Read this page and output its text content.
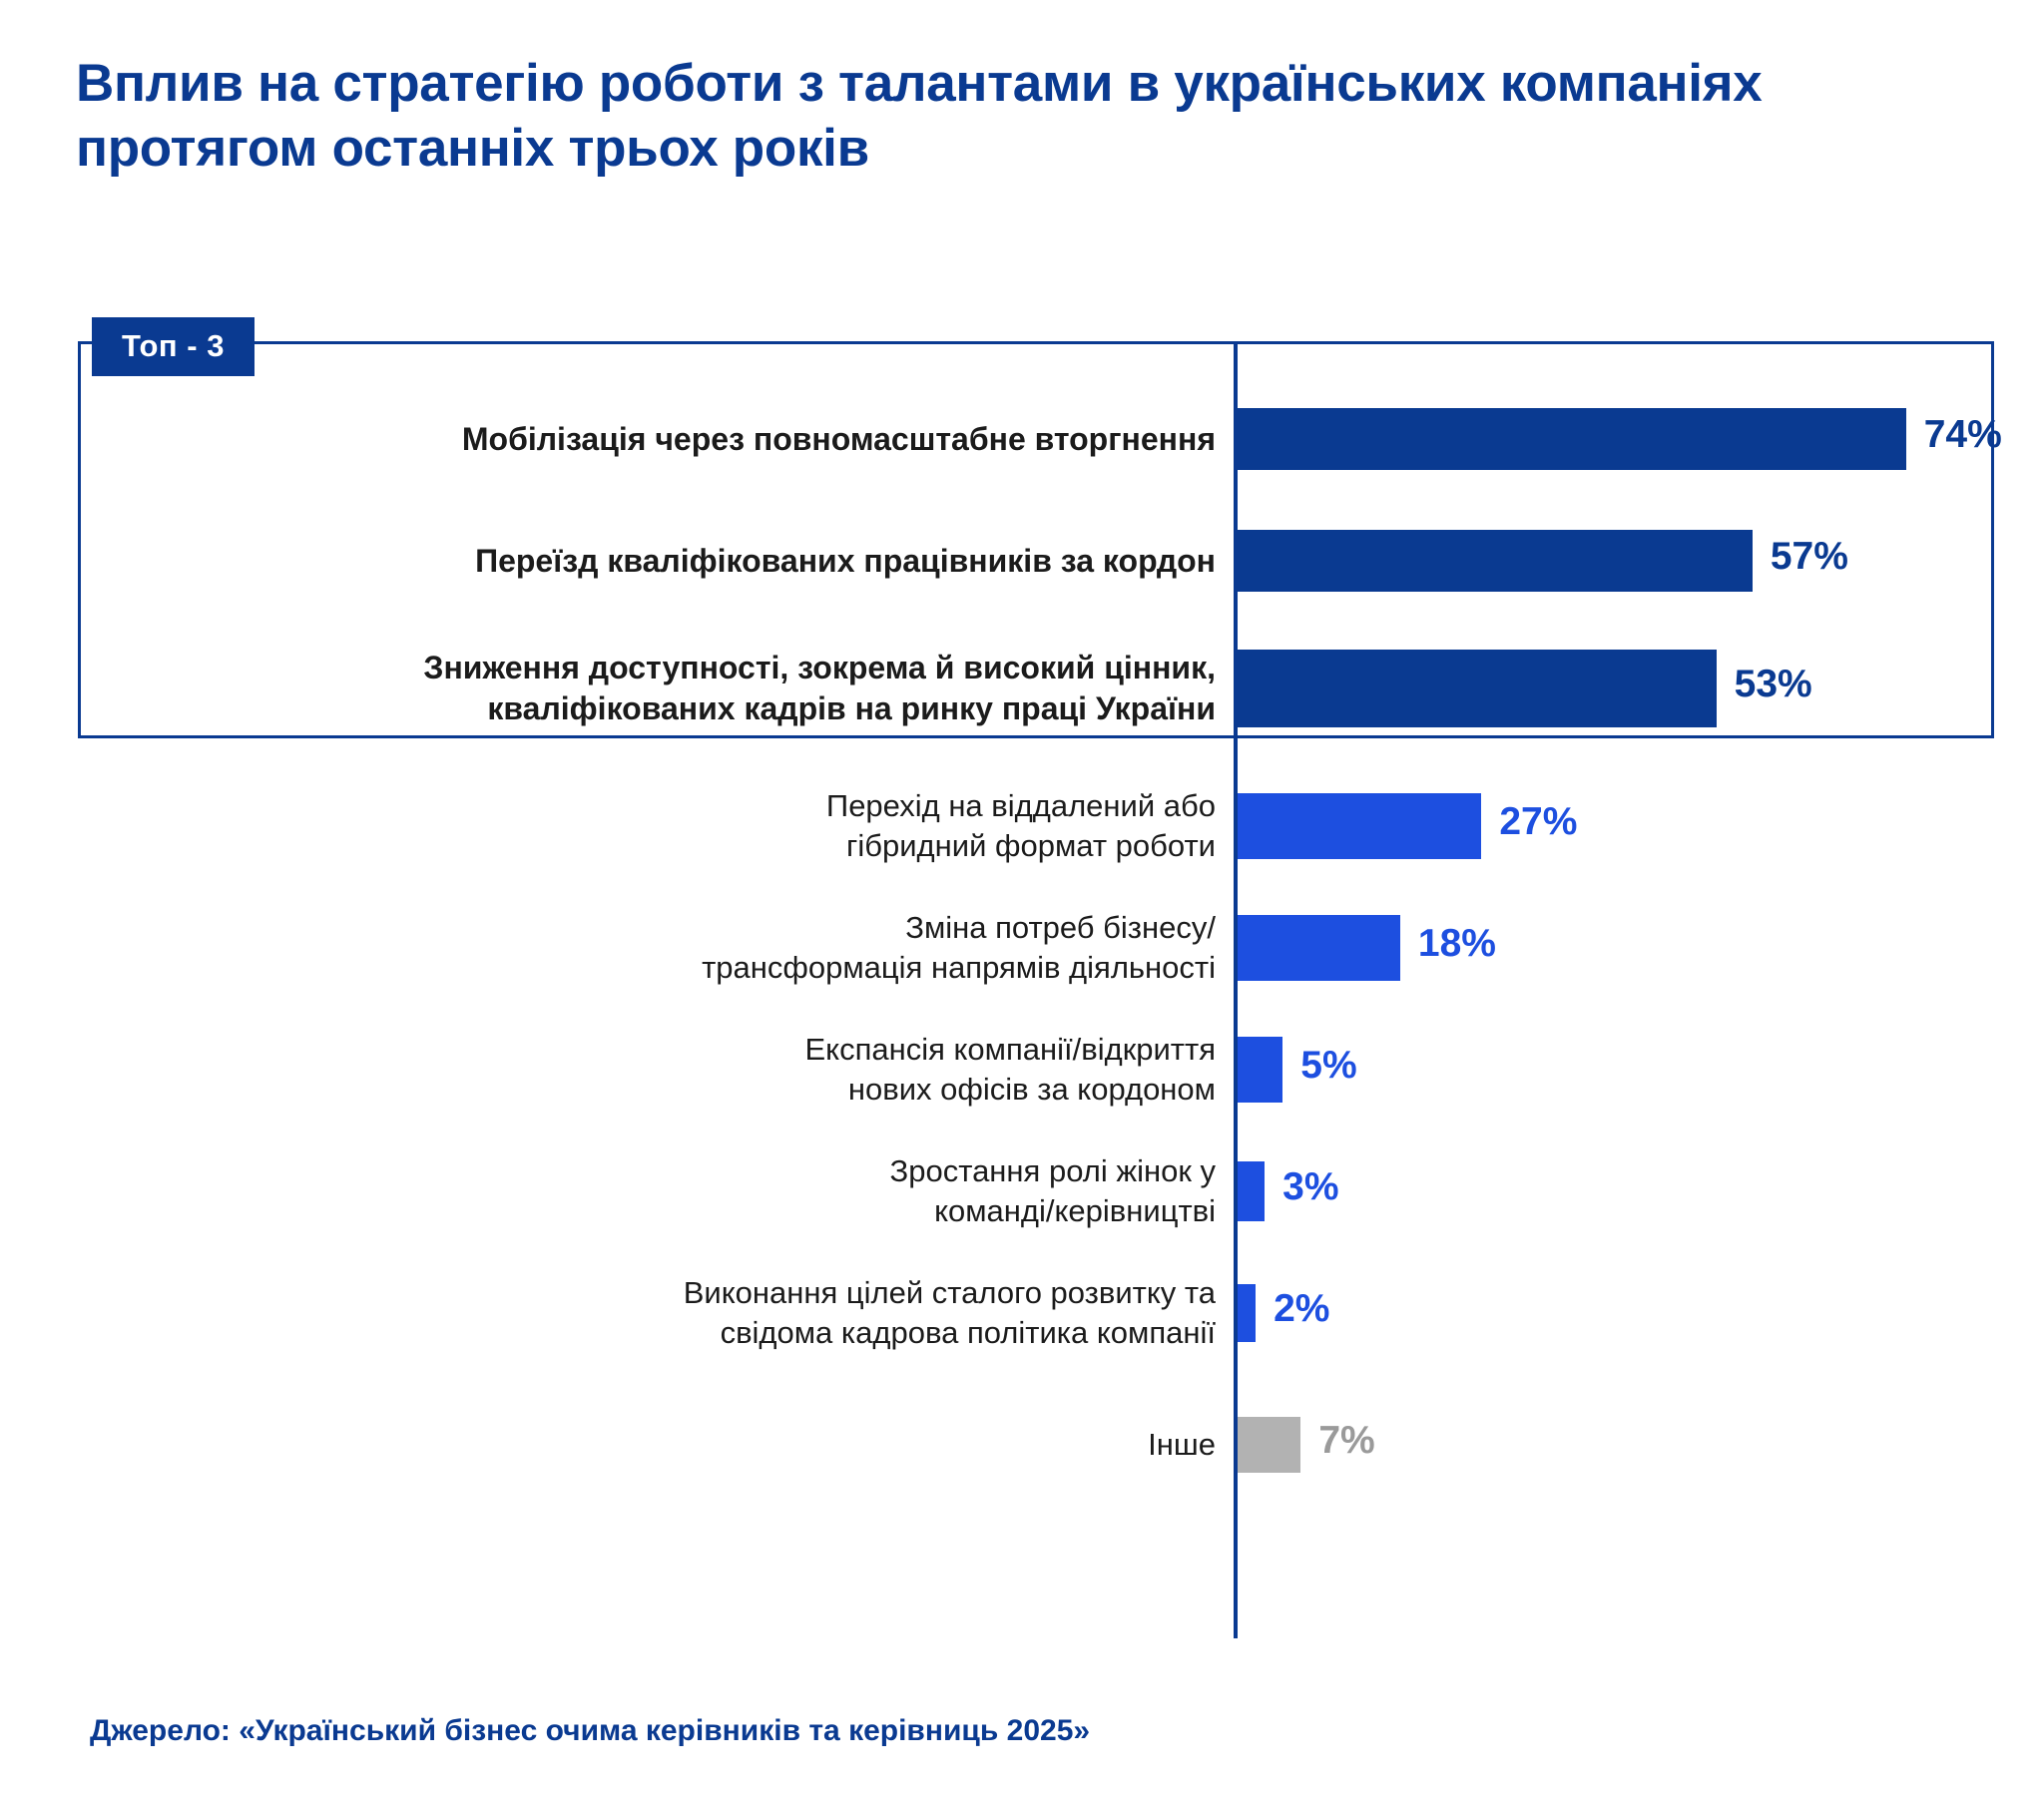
Вплив на стратегію роботи з талантами в українських компаніях протягом останніх трьох років
Топ - 3
Мобілізація через повномасштабне вторгнення	74%
Переїзд кваліфікованих працівників за кордон	57%
Зниження доступності, зокрема й високий цінник,
кваліфікованих кадрів на ринку праці України
53%
Перехід на віддалений або
гібридний формат роботи
27%
Зміна потреб бізнесу/
трансформація напрямів діяльності
18%
Експансія компанії/відкриття
нових офісів за кордоном
5%
Зростання ролі жінок у
команді/керівництві
3%
Виконання цілей сталого розвитку та
свідома кадрова політика компанії
2%
Інше	7%
Джерело: «Український бізнес очима керівників та керівниць 2025»
